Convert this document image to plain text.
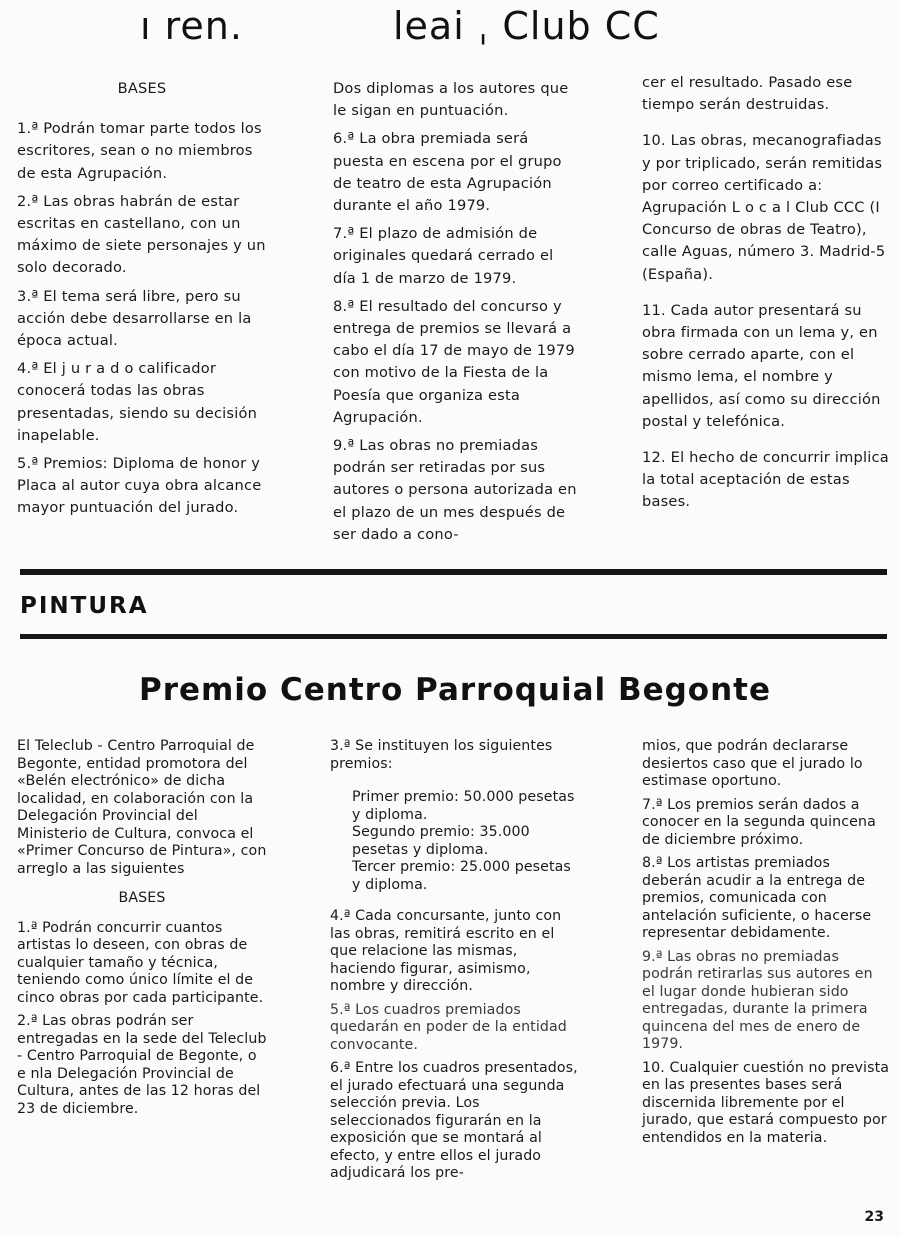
ı ren.	leai ˌ Club CC

BASES

1.ª Podrán tomar parte todos los escritores, sean o no miembros de esta Agrupación.

2.ª Las obras habrán de estar escritas en castellano, con un máximo de siete personajes y un solo decorado.

3.ª El tema será libre, pero su acción debe desarrollarse en la época actual.

4.ª El j u r a d o calificador conocerá todas las obras presentadas, siendo su decisión inapelable.

5.ª Premios: Diploma de honor y Placa al autor cuya obra alcance mayor puntuación del jurado.

Dos diplomas a los autores que le sigan en puntuación.

6.ª La obra premiada será puesta en escena por el grupo de teatro de esta Agrupación durante el año 1979.

7.ª El plazo de admisión de originales quedará cerrado el día 1 de marzo de 1979.

8.ª El resultado del concurso y entrega de premios se llevará a cabo el día 17 de mayo de 1979 con motivo de la Fiesta de la Poesía que organiza esta Agrupación.

9.ª Las obras no premiadas podrán ser retiradas por sus autores o persona autorizada en el plazo de un mes después de ser dado a cono-

cer el resultado. Pasado ese tiempo serán destruidas.

10. Las obras, mecanografiadas y por triplicado, serán remitidas por correo certificado a: Agrupación L o c a l Club CCC (I Concurso de obras de Teatro), calle Aguas, número 3. Madrid-5 (España).

11. Cada autor presentará su obra firmada con un lema y, en sobre cerrado aparte, con el mismo lema, el nombre y apellidos, así como su dirección postal y telefónica.

12. El hecho de concurrir implica la total aceptación de estas bases.

PINTURA
Premio Centro Parroquial Begonte

El Teleclub - Centro Parroquial de Begonte, entidad promotora del «Belén electrónico» de dicha localidad, en colaboración con la Delegación Provincial del Ministerio de Cultura, convoca el «Primer Concurso de Pintura», con arreglo a las siguientes

BASES

1.ª Podrán concurrir cuantos artistas lo deseen, con obras de cualquier tamaño y técnica, teniendo como único límite el de cinco obras por cada participante.

2.ª Las obras podrán ser entregadas en la sede del Teleclub - Centro Parroquial de Begonte, o e nla Delegación Provincial de Cultura, antes de las 12 horas del 23 de diciembre.

3.ª Se instituyen los siguientes premios:

Primer premio: 50.000 pesetas y diploma.

Segundo premio: 35.000 pesetas y diploma.

Tercer premio: 25.000 pesetas y diploma.

4.ª Cada concursante, junto con las obras, remitirá escrito en el que relacione las mismas, haciendo figurar, asimismo, nombre y dirección.

5.ª Los cuadros premiados quedarán en poder de la entidad convocante.

6.ª Entre los cuadros presentados, el jurado efectuará una segunda selección previa. Los seleccionados figurarán en la exposición que se montará al efecto, y entre ellos el jurado adjudicará los pre-

mios, que podrán declararse desiertos caso que el jurado lo estimase oportuno.

7.ª Los premios serán dados a conocer en la segunda quincena de diciembre próximo.

8.ª Los artistas premiados deberán acudir a la entrega de premios, comunicada con antelación suficiente, o hacerse representar debidamente.

9.ª Las obras no premiadas podrán retirarlas sus autores en el lugar donde hubieran sido entregadas, durante la primera quincena del mes de enero de 1979.

10. Cualquier cuestión no prevista en las presentes bases será discernida libremente por el jurado, que estará compuesto por entendidos en la materia.

23
